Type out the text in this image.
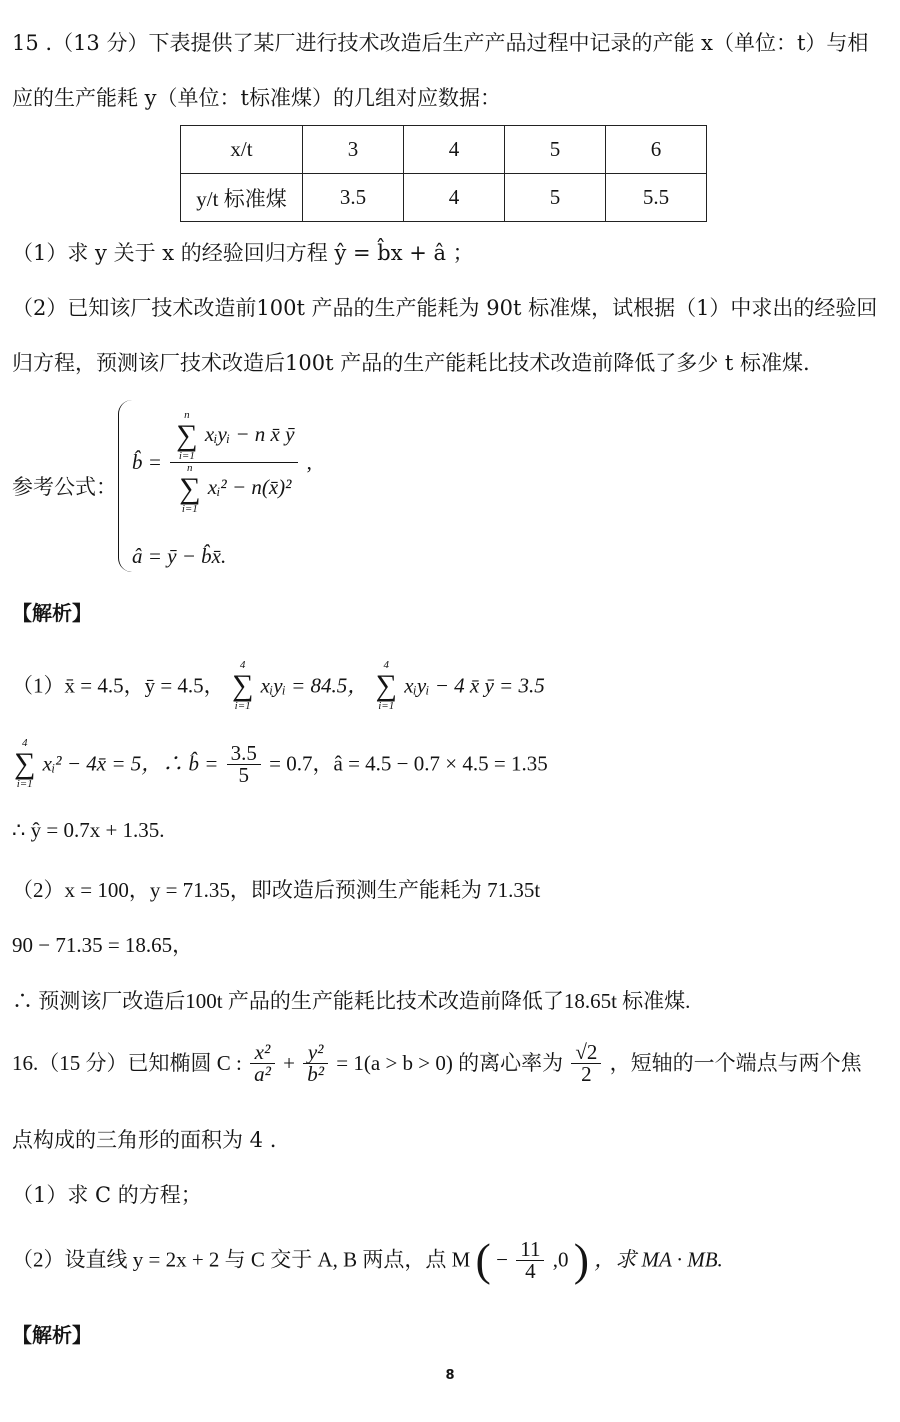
15 .（13 分）下表提供了某厂进行技术改造后生产产品过程中记录的产能 x（单位：t）与相
应的生产能耗 y（单位：t标准煤）的几组对应数据：
x/t	3	4	5	6
y/t 标准煤	3.5	4	5	5.5
（1）求 y 关于 x 的经验回归方程 ŷ = b̂x + â ；
（2）已知该厂技术改造前100t 产品的生产能耗为 90t 标准煤，试根据（1）中求出的经验回
归方程，预测该厂技术改造后100t 产品的生产能耗比技术改造前降低了多少 t 标准煤.
参考公式：
b̂ = n
∑
i=1
xᵢyᵢ − n x̄ ȳ
n
∑
i=1
xᵢ² − n(x̄)² ,
â = ȳ − b̂x̄.
【解析】
（1）x̄ = 4.5，ȳ = 4.5，
4
∑
i=1
xᵢyᵢ = 84.5，
4
∑
i=1
xᵢyᵢ − 4 x̄ ȳ = 3.5
4
∑
i=1
xᵢ² − 4x̄ = 5，∴ b̂ = $\frac{3.5}{5} = 0.7$，â = 4.5 − 0.7 × 4.5 = 1.35
∴ ŷ = 0.7x + 1.35.
（2）x = 100，y = 71.35，即改造后预测生产能耗为 71.35t
90 − 71.35 = 18.65，
∴ 预测该厂改造后100t 产品的生产能耗比技术改造前降低了18.65t 标准煤.
16.（15 分）已知椭圆 C : $\frac{\text{x²}}{\text{a²}} + \frac{\text{y²}}{\text{b²}} = 1(a > b > 0)$ 的离心率为 $\frac{√2}{2}$ ，短轴的一个端点与两个焦
点构成的三角形的面积为 4 .
（1）求 C 的方程；
（2）设直线 y = 2x + 2 与 C 交于 A, B 两点，点 M ( − $\frac{11}{4} ,0$ ) ，求 MA · MB.
【解析】
8
